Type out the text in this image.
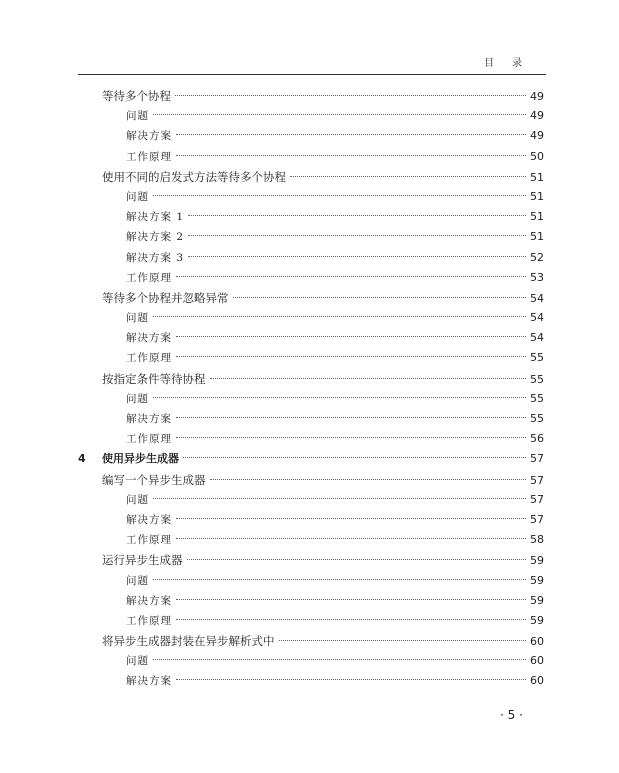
目录
等待多个协程	49
问题	49
解决方案	49
工作原理	50
使用不同的启发式方法等待多个协程	51
问题	51
解决方案 1	51
解决方案 2	51
解决方案 3	52
工作原理	53
等待多个协程并忽略异常	54
问题	54
解决方案	54
工作原理	55
按指定条件等待协程	55
问题	55
解决方案	55
工作原理	56
4	使用异步生成器	57
编写一个异步生成器	57
问题	57
解决方案	57
工作原理	58
运行异步生成器	59
问题	59
解决方案	59
工作原理	59
将异步生成器封装在异步解析式中	60
问题	60
解决方案	60
· 5 ·
